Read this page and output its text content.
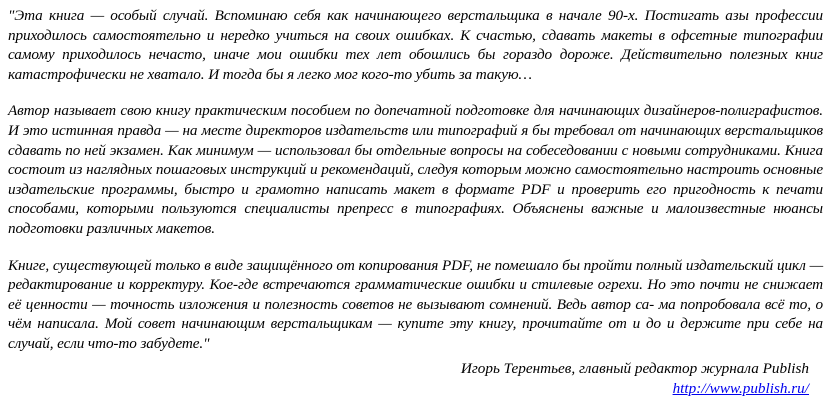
"Эта книга — особый случай. Вспоминаю себя как начинающего верстальщика в начале 90-х. Постигать азы профессии приходилось самостоятельно и нередко учиться на своих ошибках. К счастью, сдавать макеты в офсетные типографии самому приходилось нечасто, иначе мои ошибки тех лет обошлись бы гораздо дороже. Действительно полезных книг катастрофически не хватало. И тогда бы я легко мог кого-то убить за такую…

Автор называет свою книгу практическим пособием по допечатной подготовке для начинающих дизайнеров-полиграфистов. И это истинная правда — на месте директоров издательств или типографий я бы требовал от начинающих верстальщиков сдавать по ней экзамен. Как минимум — использовал бы отдельные вопросы на собеседовании с новыми сотрудниками. Книга состоит из наглядных пошаговых инструкций и рекомендаций, следуя которым можно самостоятельно настроить основные издательские программы, быстро и грамотно написать макет в формате PDF и проверить его пригодность к печати способами, которыми пользуются специалисты препресс в типографиях. Объяснены важные и малоизвестные нюансы подготовки различных макетов.

Книге, существующей только в виде защищённого от копирования PDF, не помешало бы пройти полный издательский цикл — редактирование и корректуру. Кое-где встречаются грамматические ошибки и стилевые огрехи. Но это почти не снижает её ценности — точность изложения и полезность советов не вызывают сомнений. Ведь автор са- ма попробовала всё то, о чём написала. Мой совет начинающим верстальщикам — купите эту книгу, прочитайте от и до и держите при себе на случай, если что-то забудете."

Игорь Терентьев, главный редактор журнала Publish
http://www.publish.ru/
